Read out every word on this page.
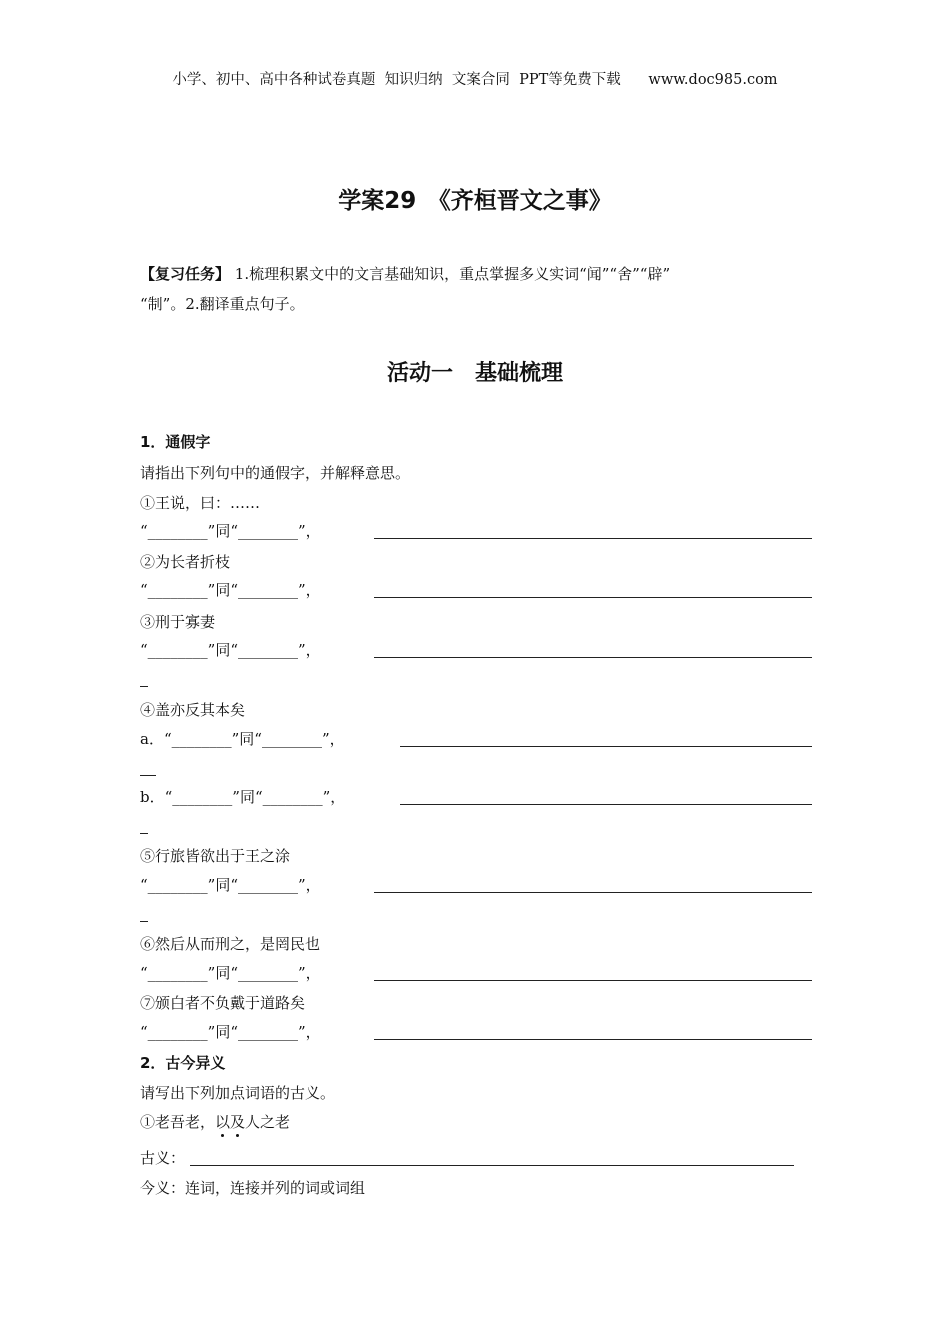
小学、初中、高中各种试卷真题  知识归纳  文案合同  PPT等免费下载      www.doc985.com
学案29　《齐桓晋文之事》
【复习任务】 1.梳理积累文中的文言基础知识，重点掌握多义实词“闻”“舍”“辟”
“制”。2.翻译重点句子。
活动一　基础梳理
1．通假字
请指出下列句中的通假字，并解释意思。
①王说，曰：……
“________”同“________”，
②为长者折枝
“________”同“________”，
③刑于寡妻
“________”同“________”，
④盖亦反其本矣
a．“________”同“________”，
b．“________”同“________”，
⑤行旅皆欲出于王之涂
“________”同“________”，
⑥然后从而刑之，是罔民也
“________”同“________”，
⑦颁白者不负戴于道路矣
“________”同“________”，
2．古今异义
请写出下列加点词语的古义。
①老吾老，以及人之老
古义：
今义：连词，连接并列的词或词组
